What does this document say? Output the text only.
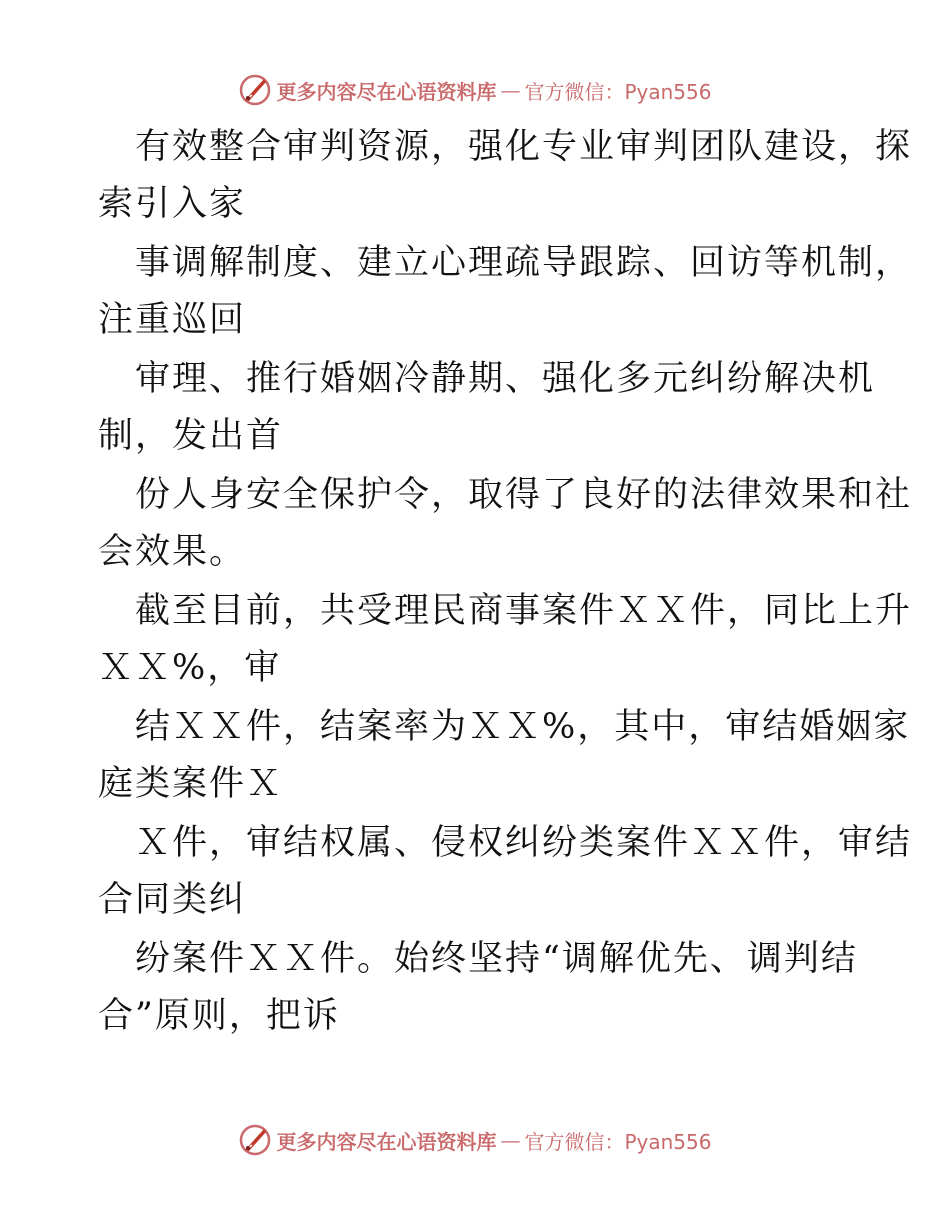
更多内容尽在心语资料库 — 官方微信：Pyan556
有效整合审判资源，强化专业审判团队建设，探
索引入家
事调解制度、建立心理疏导跟踪、回访等机制，
注重巡回
审理、推行婚姻冷静期、强化多元纠纷解决机
制，发出首
份人身安全保护令，取得了良好的法律效果和社
会效果。
截至目前，共受理民商事案件ＸＸ件，同比上升
ＸＸ%，审
结ＸＸ件，结案率为ＸＸ%，其中，审结婚姻家
庭类案件Ｘ
Ｘ件，审结权属、侵权纠纷类案件ＸＸ件，审结
合同类纠
纷案件ＸＸ件。始终坚持“调解优先、调判结
合”原则，把诉
更多内容尽在心语资料库 — 官方微信：Pyan556
